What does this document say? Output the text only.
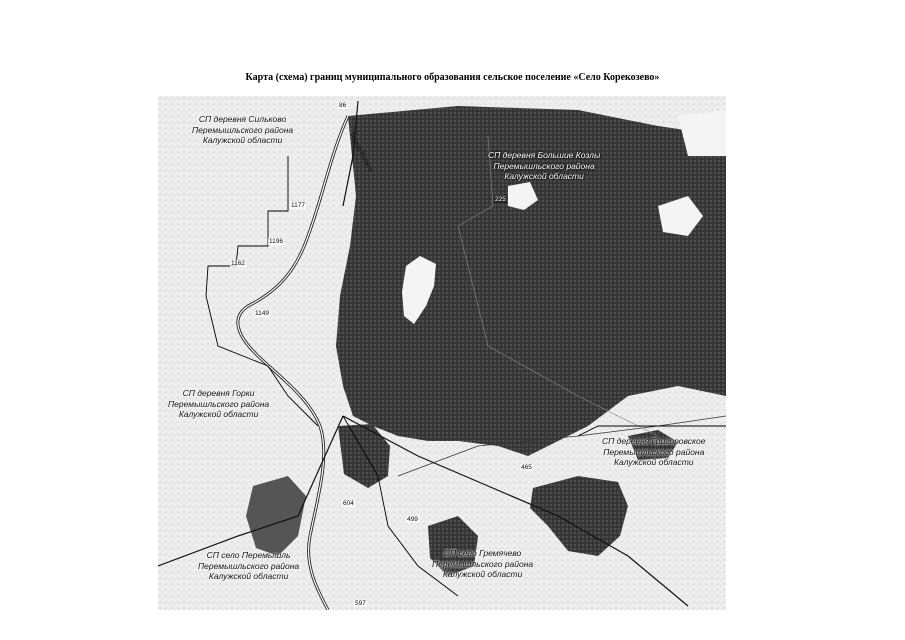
Карта (схема) границ муниципального образования сельское поселение «Село Корекозево»
Город Калуга
1177
1196
1162
1149
225
465
499
604
597
86
СП деревня Сильково
Перемышльского района
Калужской области
СП деревня Большие Козлы
Перемышльского района
Калужской области
СП деревня Горки
Перемышльского района
Калужской области
СП деревня Григоровское
Перемышльского района
Калужской области
СП село Перемышль
Перемышльского района
Калужской области
СП село Гремячево
Перемышльского района
Калужской области
